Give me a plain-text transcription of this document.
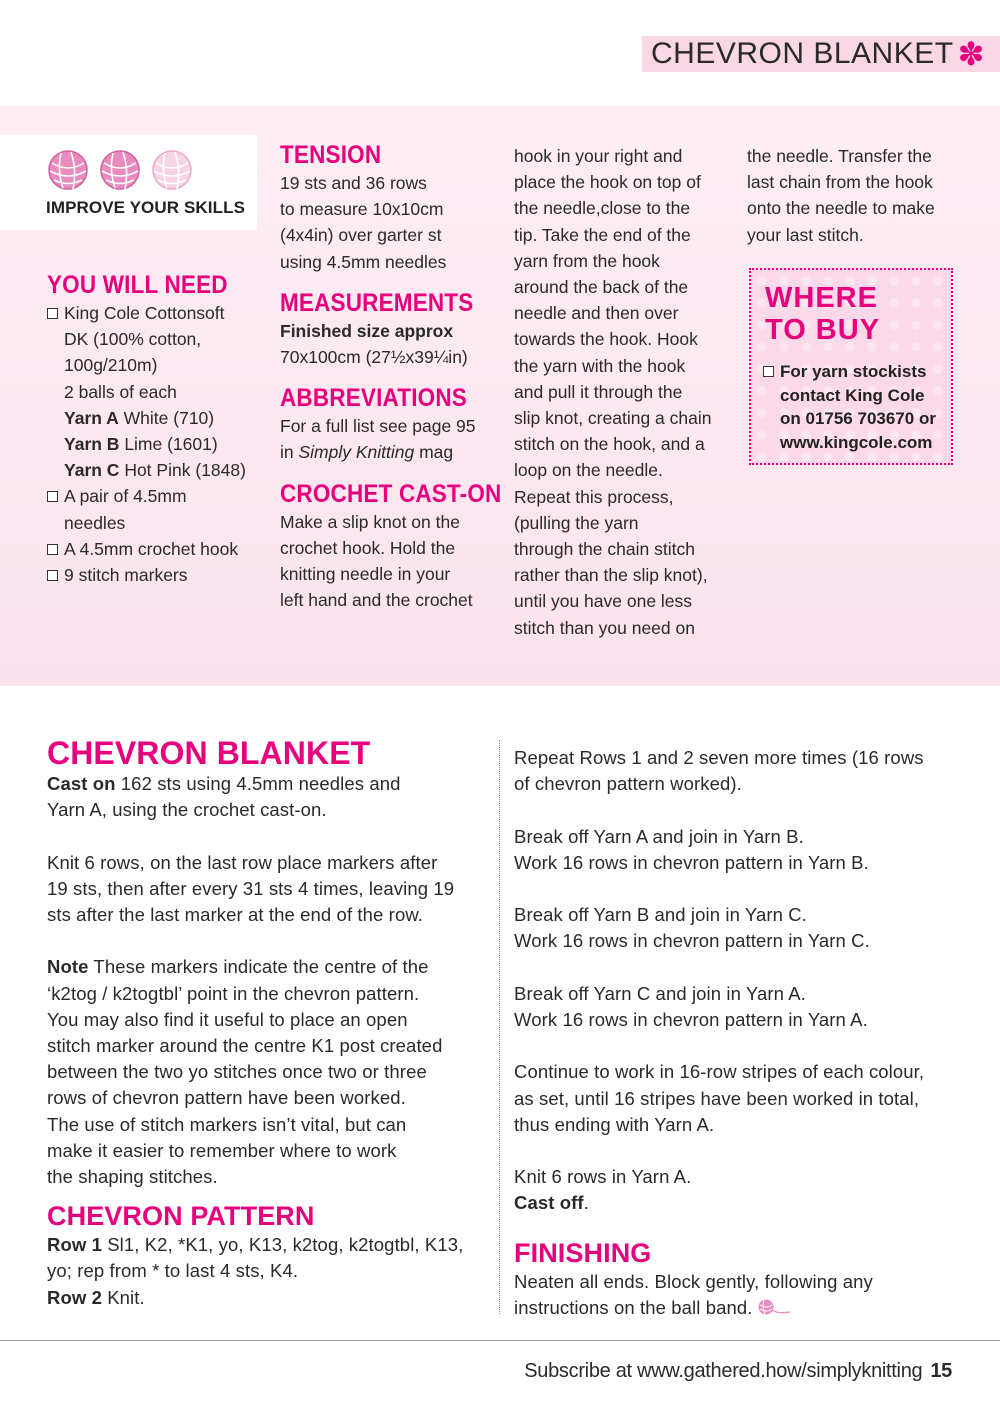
CHEVRON BLANKET ✽
IMPROVE YOUR SKILLS
YOU WILL NEED
King Cole Cottonsoft
DK (100% cotton,
100g/210m)
2 balls of each
Yarn A White (710)
Yarn B Lime (1601)
Yarn C Hot Pink (1848)
A pair of 4.5mm
needles
A 4.5mm crochet hook
9 stitch markers
TENSION
19 sts and 36 rows
to measure 10x10cm
(4x4in) over garter st
using 4.5mm needles
MEASUREMENTS
Finished size approx
70x100cm (27½x39¼in)
ABBREVIATIONS
For a full list see page 95
in Simply Knitting mag
CROCHET CAST-ON
Make a slip knot on the
crochet hook. Hold the
knitting needle in your
left hand and the crochet
hook in your right and
place the hook on top of
the needle,close to the
tip. Take the end of the
yarn from the hook
around the back of the
needle and then over
towards the hook. Hook
the yarn with the hook
and pull it through the
slip knot, creating a chain
stitch on the hook, and a
loop on the needle.
Repeat this process,
(pulling the yarn
through the chain stitch
rather than the slip knot),
until you have one less
stitch than you need on
the needle. Transfer the
last chain from the hook
onto the needle to make
your last stitch.
WHERE
TO BUY
For yarn stockists
contact King Cole
on 01756 703670 or
www.kingcole.com
CHEVRON BLANKET
Cast on 162 sts using 4.5mm needles and
Yarn A, using the crochet cast-on.
Knit 6 rows, on the last row place markers after
19 sts, then after every 31 sts 4 times, leaving 19
sts after the last marker at the end of the row.
Note These markers indicate the centre of the
‘k2tog / k2togtbl’ point in the chevron pattern.
You may also find it useful to place an open
stitch marker around the centre K1 post created
between the two yo stitches once two or three
rows of chevron pattern have been worked.
The use of stitch markers isn’t vital, but can
make it easier to remember where to work
the shaping stitches.
CHEVRON PATTERN
Row 1 Sl1, K2, *K1, yo, K13, k2tog, k2togtbl, K13,
yo; rep from * to last 4 sts, K4.
Row 2 Knit.
Repeat Rows 1 and 2 seven more times (16 rows
of chevron pattern worked).
Break off Yarn A and join in Yarn B.
Work 16 rows in chevron pattern in Yarn B.
Break off Yarn B and join in Yarn C.
Work 16 rows in chevron pattern in Yarn C.
Break off Yarn C and join in Yarn A.
Work 16 rows in chevron pattern in Yarn A.
Continue to work in 16-row stripes of each colour,
as set, until 16 stripes have been worked in total,
thus ending with Yarn A.
Knit 6 rows in Yarn A.
Cast off.
FINISHING
Neaten all ends. Block gently, following any
instructions on the ball band.
Subscribe at www.gathered.how/simplyknitting 15
